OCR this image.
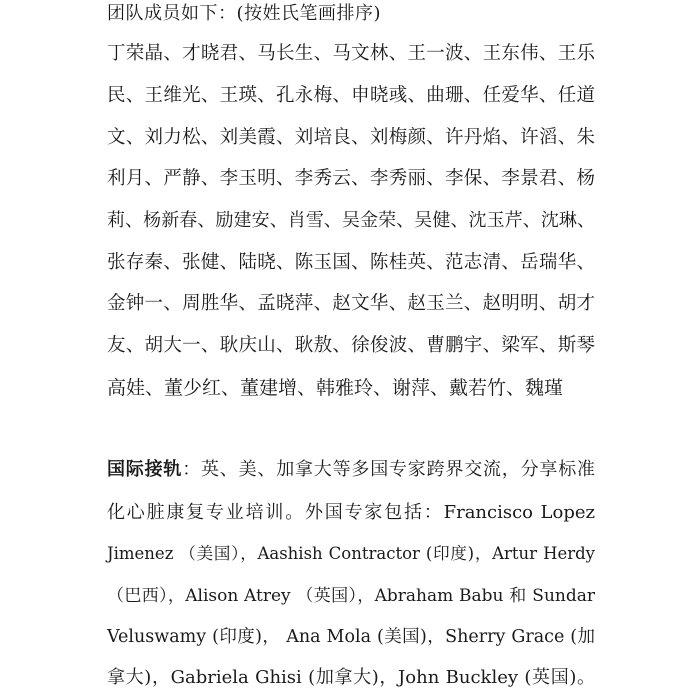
团队成员如下：(按姓氏笔画排序)
丁荣晶、才晓君、马长生、马文林、王一波、王东伟、王乐
民、王维光、王瑛、孔永梅、申晓彧、曲珊、任爱华、任道
文、刘力松、刘美霞、刘培良、刘梅颜、许丹焰、许滔、朱
利月、严静、李玉明、李秀云、李秀丽、李保、李景君、杨
莉、杨新春、励建安、肖雪、吴金荣、吴健、沈玉芹、沈琳、
张存秦、张健、陆晓、陈玉国、陈桂英、范志清、岳瑞华、
金钟一、周胜华、孟晓萍、赵文华、赵玉兰、赵明明、胡才
友、胡大一、耿庆山、耿敖、徐俊波、曹鹏宇、梁军、斯琴
高娃、董少红、董建增、韩雅玲、谢萍、戴若竹、魏瑾
国际接轨：英、美、加拿大等多国专家跨界交流，分享标准
化心脏康复专业培训。外国专家包括：Francisco Lopez
Jimenez （美国），Aashish Contractor (印度)，Artur Herdy
（巴西），Alison Atrey （英国），Abraham Babu 和 Sundar
Veluswamy (印度)， Ana Mola (美国)，Sherry Grace (加
拿大)，Gabriela Ghisi (加拿大)，John Buckley (英国)。
